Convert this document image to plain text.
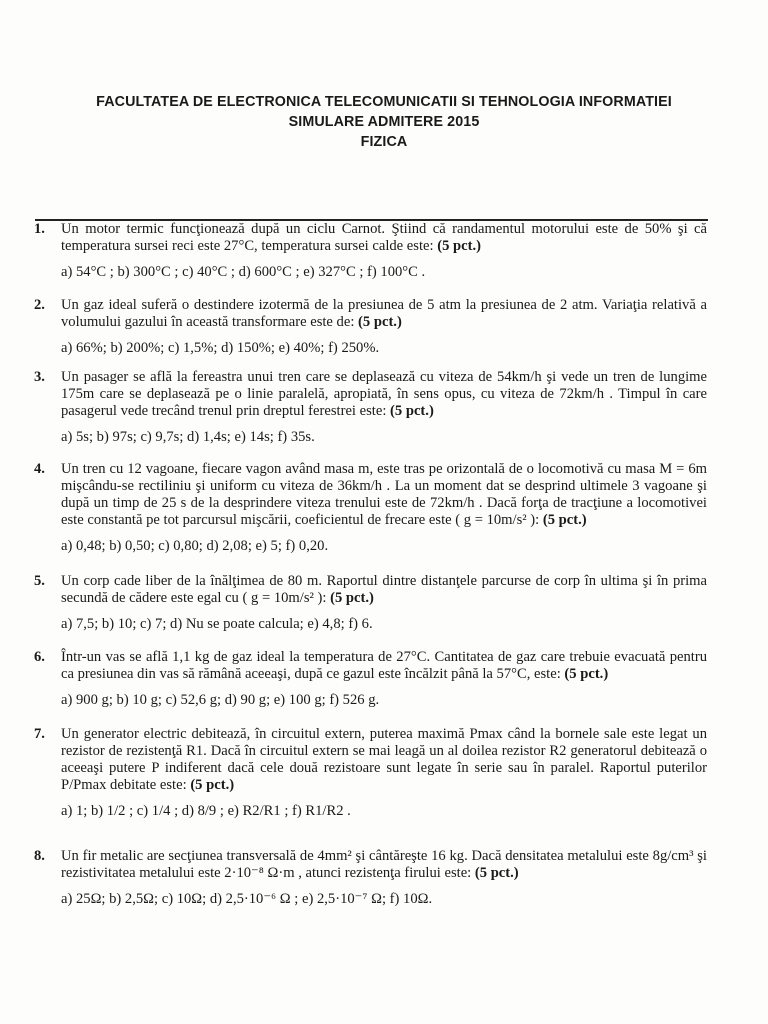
FACULTATEA DE ELECTRONICA TELECOMUNICATII SI TEHNOLOGIA INFORMATIEI
SIMULARE ADMITERE 2015
FIZICA
1. Un motor termic funcţionează după un ciclu Carnot. Ştiind că randamentul motorului este de 50% şi că temperatura sursei reci este 27°C, temperatura sursei calde este: (5 pct.)
a) 54°C ; b) 300°C ; c) 40°C ; d) 600°C ; e) 327°C ; f) 100°C .
2. Un gaz ideal suferă o destindere izotermă de la presiunea de 5 atm la presiunea de 2 atm. Variaţia relativă a volumului gazului în această transformare este de: (5 pct.)
a) 66%; b) 200%; c) 1,5%; d) 150%; e) 40%; f) 250%.
3. Un pasager se află la fereastra unui tren care se deplasează cu viteza de 54km/h şi vede un tren de lungime 175m care se deplasează pe o linie paralelă, apropiată, în sens opus, cu viteza de 72km/h . Timpul în care pasagerul vede trecând trenul prin dreptul ferestrei este: (5 pct.)
a) 5s; b) 97s; c) 9,7s; d) 1,4s; e) 14s; f) 35s.
4. Un tren cu 12 vagoane, fiecare vagon având masa m, este tras pe orizontală de o locomotivă cu masa M = 6m mişcându-se rectiliniu şi uniform cu viteza de 36km/h . La un moment dat se desprind ultimele 3 vagoane şi după un timp de 25 s de la desprindere viteza trenului este de 72km/h . Dacă forţa de tracţiune a locomotivei este constantă pe tot parcursul mişcării, coeficientul de frecare este ( g = 10m/s² ): (5 pct.)
a) 0,48; b) 0,50; c) 0,80; d) 2,08; e) 5; f) 0,20.
5. Un corp cade liber de la înălţimea de 80 m. Raportul dintre distanţele parcurse de corp în ultima şi în prima secundă de cădere este egal cu ( g = 10m/s² ): (5 pct.)
a) 7,5; b) 10; c) 7; d) Nu se poate calcula; e) 4,8; f) 6.
6. Într-un vas se află 1,1 kg de gaz ideal la temperatura de 27°C. Cantitatea de gaz care trebuie evacuată pentru ca presiunea din vas să rămână aceeaşi, după ce gazul este încălzit până la 57°C, este: (5 pct.)
a) 900 g; b) 10 g; c) 52,6 g; d) 90 g; e) 100 g; f) 526 g.
7. Un generator electric debitează, în circuitul extern, puterea maximă Pmax când la bornele sale este legat un rezistor de rezistenţă R1. Dacă în circuitul extern se mai leagă un al doilea rezistor R2 generatorul debitează o aceeaşi putere P indiferent dacă cele două rezistoare sunt legate în serie sau în paralel. Raportul puterilor P/Pmax debitate este: (5 pct.)
a) 1; b) 1/2 ; c) 1/4 ; d) 8/9 ; e) R2/R1 ; f) R1/R2 .
8. Un fir metalic are secţiunea transversală de 4mm² şi cântăreşte 16 kg. Dacă densitatea metalului este 8g/cm³ şi rezistivitatea metalului este 2·10⁻⁸ Ω·m , atunci rezistenţa firului este: (5 pct.)
a) 25Ω; b) 2,5Ω; c) 10Ω; d) 2,5·10⁻⁶ Ω ; e) 2,5·10⁻⁷ Ω; f) 10Ω.
